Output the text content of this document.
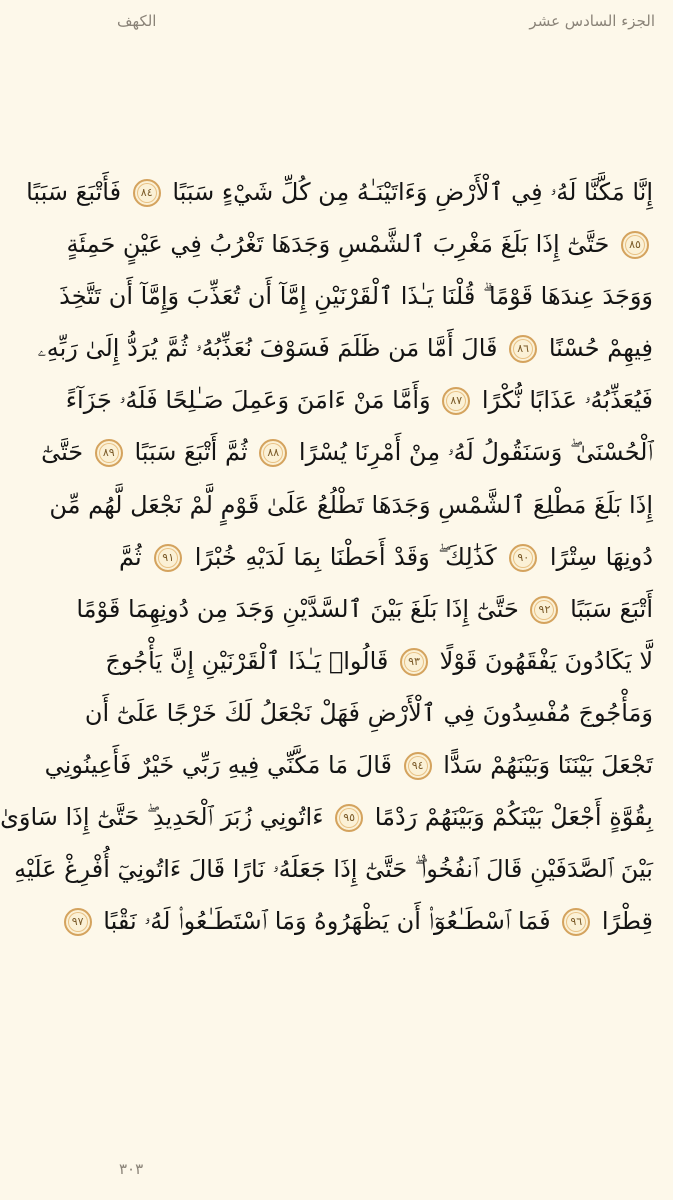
الجزء السادس عشر
الكهف
إِنَّا مَكَّنَّا لَهُۥ فِي ٱلْأَرْضِ وَءَاتَيْنَـٰهُ مِن كُلِّ شَيْءٍ سَبَبًا ٨٤ فَأَتْبَعَ سَبَبًا
٨٥ حَتَّىٰٓ إِذَا بَلَغَ مَغْرِبَ ٱلشَّمْسِ وَجَدَهَا تَغْرُبُ فِي عَيْنٍ حَمِئَةٍ
وَوَجَدَ عِندَهَا قَوْمًا ۗ قُلْنَا يَـٰذَا ٱلْقَرْنَيْنِ إِمَّآ أَن تُعَذِّبَ وَإِمَّآ أَن تَتَّخِذَ
فِيهِمْ حُسْنًا ٨٦ قَالَ أَمَّا مَن ظَلَمَ فَسَوْفَ نُعَذِّبُهُۥ ثُمَّ يُرَدُّ إِلَىٰ رَبِّهِۦ
فَيُعَذِّبُهُۥ عَذَابًا نُّكْرًا ٨٧ وَأَمَّا مَنْ ءَامَنَ وَعَمِلَ صَـٰلِحًا فَلَهُۥ جَزَآءً
ٱلْحُسْنَىٰ ۖ وَسَنَقُولُ لَهُۥ مِنْ أَمْرِنَا يُسْرًا ٨٨ ثُمَّ أَتْبَعَ سَبَبًا ٨٩ حَتَّىٰٓ
إِذَا بَلَغَ مَطْلِعَ ٱلشَّمْسِ وَجَدَهَا تَطْلُعُ عَلَىٰ قَوْمٍ لَّمْ نَجْعَل لَّهُم مِّن
دُونِهَا سِتْرًا ٩٠ كَذَٰلِكَ ۖ وَقَدْ أَحَطْنَا بِمَا لَدَيْهِ خُبْرًا ٩١ ثُمَّ
أَتْبَعَ سَبَبًا ٩٢ حَتَّىٰٓ إِذَا بَلَغَ بَيْنَ ٱلسَّدَّيْنِ وَجَدَ مِن دُونِهِمَا قَوْمًا
لَّا يَكَادُونَ يَفْقَهُونَ قَوْلًا ٩٣ قَالُوا۟ يَـٰذَا ٱلْقَرْنَيْنِ إِنَّ يَأْجُوجَ
وَمَأْجُوجَ مُفْسِدُونَ فِي ٱلْأَرْضِ فَهَلْ نَجْعَلُ لَكَ خَرْجًا عَلَىٰٓ أَن
تَجْعَلَ بَيْنَنَا وَبَيْنَهُمْ سَدًّا ٩٤ قَالَ مَا مَكَّنِّي فِيهِ رَبِّي خَيْرٌ فَأَعِينُونِي
بِقُوَّةٍ أَجْعَلْ بَيْنَكُمْ وَبَيْنَهُمْ رَدْمًا ٩٥ ءَاتُونِي زُبَرَ ٱلْحَدِيدِ ۖ حَتَّىٰٓ إِذَا سَاوَىٰ
بَيْنَ ٱلصَّدَفَيْنِ قَالَ ٱنفُخُوا۟ ۖ حَتَّىٰٓ إِذَا جَعَلَهُۥ نَارًا قَالَ ءَاتُونِيٓ أُفْرِغْ عَلَيْهِ
قِطْرًا ٩٦ فَمَا ٱسْطَـٰعُوٓا۟ أَن يَظْهَرُوهُ وَمَا ٱسْتَطَـٰعُوا۟ لَهُۥ نَقْبًا ٩٧
٣٠٣
